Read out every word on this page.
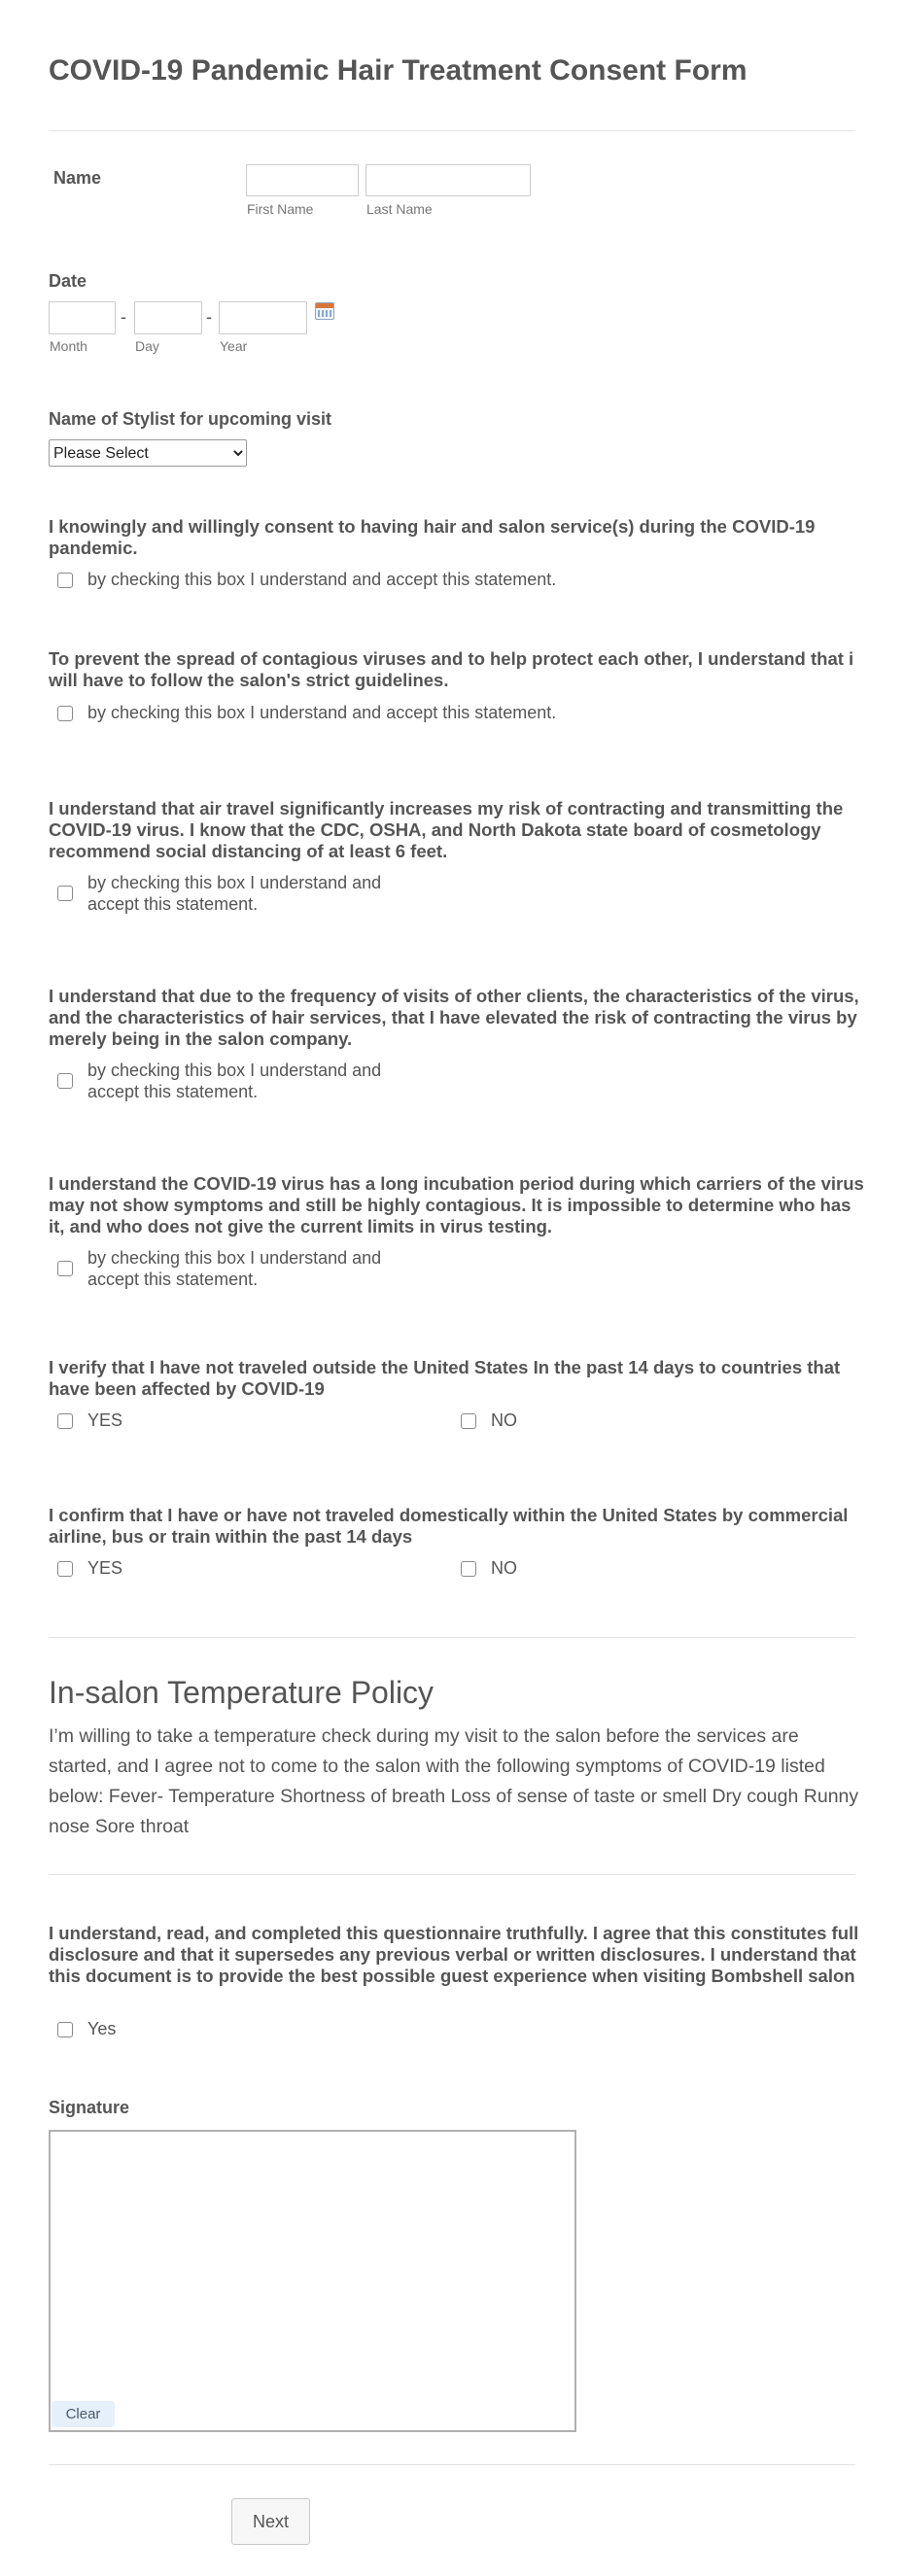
COVID-19 Pandemic Hair Treatment Consent Form
Name
First Name	Last Name
Date
-	-
Month	Day	Year
Name of Stylist for upcoming visit
Please Select
I knowingly and willingly consent to having hair and salon service(s) during the COVID-19 pandemic.
by checking this box I understand and accept this statement.
To prevent the spread of contagious viruses and to help protect each other, I understand that i will have to follow the salon's strict guidelines.
by checking this box I understand and accept this statement.
I understand that air travel significantly increases my risk of contracting and transmitting the COVID-19 virus. I know that the CDC, OSHA, and North Dakota state board of cosmetology recommend social distancing of at least 6 feet.
by checking this box I understand and
accept this statement.
I understand that due to the frequency of visits of other clients, the characteristics of the virus, and the characteristics of hair services, that I have elevated the risk of contracting the virus by merely being in the salon company.
by checking this box I understand and
accept this statement.
I understand the COVID-19 virus has a long incubation period during which carriers of the virus may not show symptoms and still be highly contagious. It is impossible to determine who has it, and who does not give the current limits in virus testing.
by checking this box I understand and
accept this statement.
I verify that I have not traveled outside the United States In the past 14 days to countries that have been affected by COVID-19
YES	NO
I confirm that I have or have not traveled domestically within the United States by commercial airline, bus or train within the past 14 days
YES	NO
In-salon Temperature Policy
I’m willing to take a temperature check during my visit to the salon before the services are started, and I agree not to come to the salon with the following symptoms of COVID-19 listed below: Fever- Temperature Shortness of breath Loss of sense of taste or smell Dry cough Runny nose Sore throat
I understand, read, and completed this questionnaire truthfully. I agree that this constitutes full disclosure and that it supersedes any previous verbal or written disclosures. I understand that this document is to provide the best possible guest experience when visiting Bombshell salon
Yes
Signature
Clear
Next
